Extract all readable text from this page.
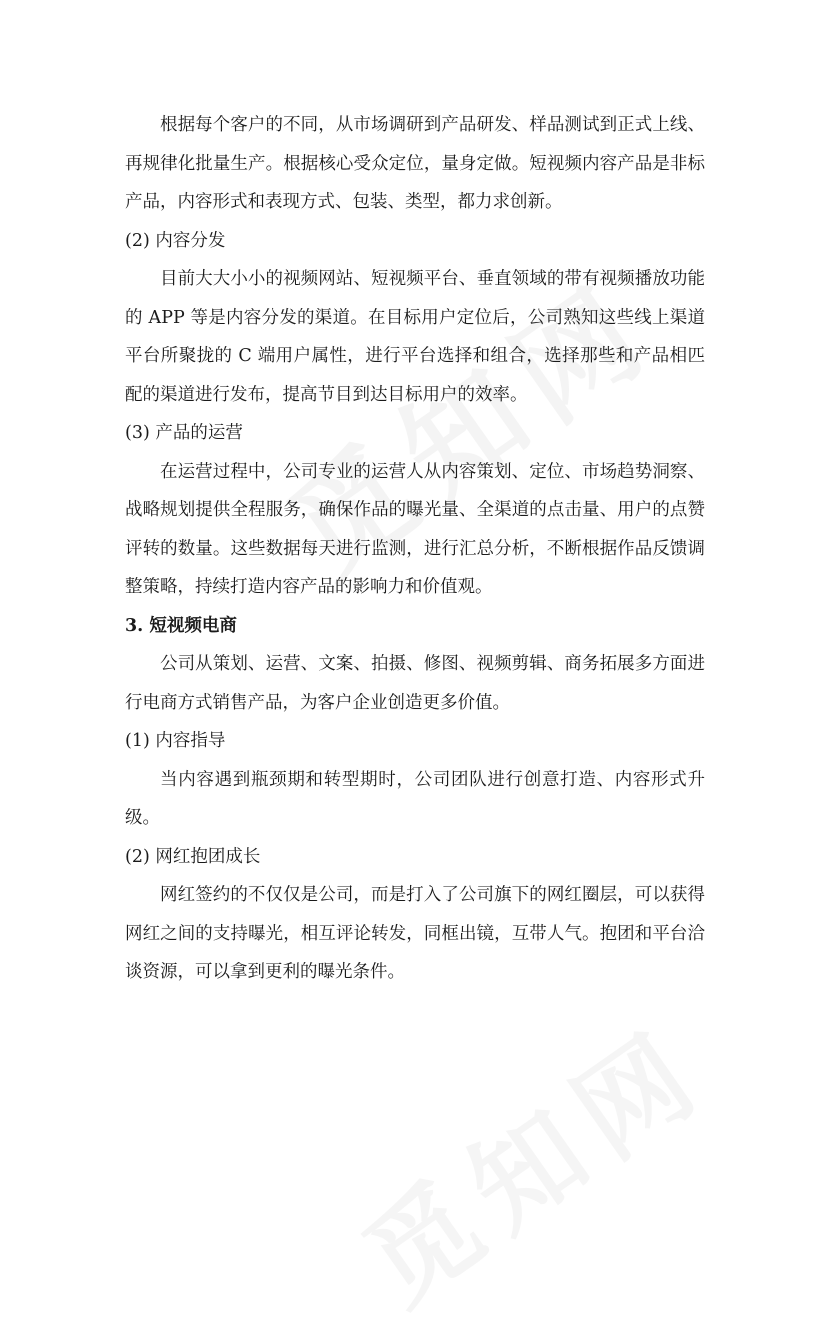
根据每个客户的不同，从市场调研到产品研发、样品测试到正式上线、再规律化批量生产。根据核心受众定位，量身定做。短视频内容产品是非标产品，内容形式和表现方式、包装、类型，都力求创新。

(2) 内容分发

目前大大小小的视频网站、短视频平台、垂直领域的带有视频播放功能的 APP 等是内容分发的渠道。在目标用户定位后，公司熟知这些线上渠道平台所聚拢的 C 端用户属性，进行平台选择和组合，选择那些和产品相匹配的渠道进行发布，提高节目到达目标用户的效率。

(3) 产品的运营

在运营过程中，公司专业的运营人从内容策划、定位、市场趋势洞察、战略规划提供全程服务，确保作品的曝光量、全渠道的点击量、用户的点赞评转的数量。这些数据每天进行监测，进行汇总分析，不断根据作品反馈调整策略，持续打造内容产品的影响力和价值观。

3. 短视频电商

公司从策划、运营、文案、拍摄、修图、视频剪辑、商务拓展多方面进行电商方式销售产品，为客户企业创造更多价值。

(1) 内容指导

当内容遇到瓶颈期和转型期时，公司团队进行创意打造、内容形式升级。

(2) 网红抱团成长

网红签约的不仅仅是公司，而是打入了公司旗下的网红圈层，可以获得网红之间的支持曝光，相互评论转发，同框出镜，互带人气。抱团和平台洽谈资源，可以拿到更利的曝光条件。
